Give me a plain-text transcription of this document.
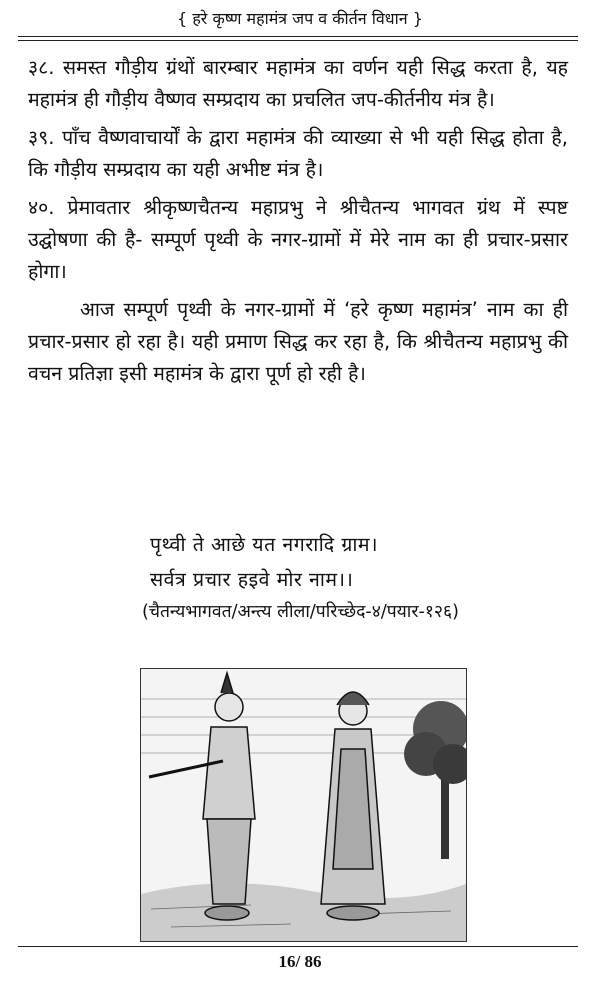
{ हरे कृष्ण महामंत्र जप व कीर्तन विधान }

३८. समस्त गौड़ीय ग्रंथों बारम्बार महामंत्र का वर्णन यही सिद्ध करता है, यह महामंत्र ही गौड़ीय वैष्णव सम्प्रदाय का प्रचलित जप-कीर्तनीय मंत्र है।

३९. पाँच वैष्णवाचार्यों के द्वारा महामंत्र की व्याख्या से भी यही सिद्ध होता है, कि गौड़ीय सम्प्रदाय का यही अभीष्ट मंत्र है।

४०. प्रेमावतार श्रीकृष्णचैतन्य महाप्रभु ने श्रीचैतन्य भागवत ग्रंथ में स्पष्ट उद्घोषणा की है- सम्पूर्ण पृथ्वी के नगर-ग्रामों में मेरे नाम का ही प्रचार-प्रसार होगा।

आज सम्पूर्ण पृथ्वी के नगर-ग्रामों में ‘हरे कृष्ण महामंत्र’ नाम का ही प्रचार-प्रसार हो रहा है। यही प्रमाण सिद्ध कर रहा है, कि श्रीचैतन्य महाप्रभु की वचन प्रतिज्ञा इसी महामंत्र के द्वारा पूर्ण हो रही है।

पृथ्वी ते आछे यत नगरादि ग्राम।
सर्वत्र प्रचार हइवे मोर नाम।।
(चैतन्यभागवत/अन्त्य लीला/परिच्छेद-४/पयार-१२६)
16/ 86
